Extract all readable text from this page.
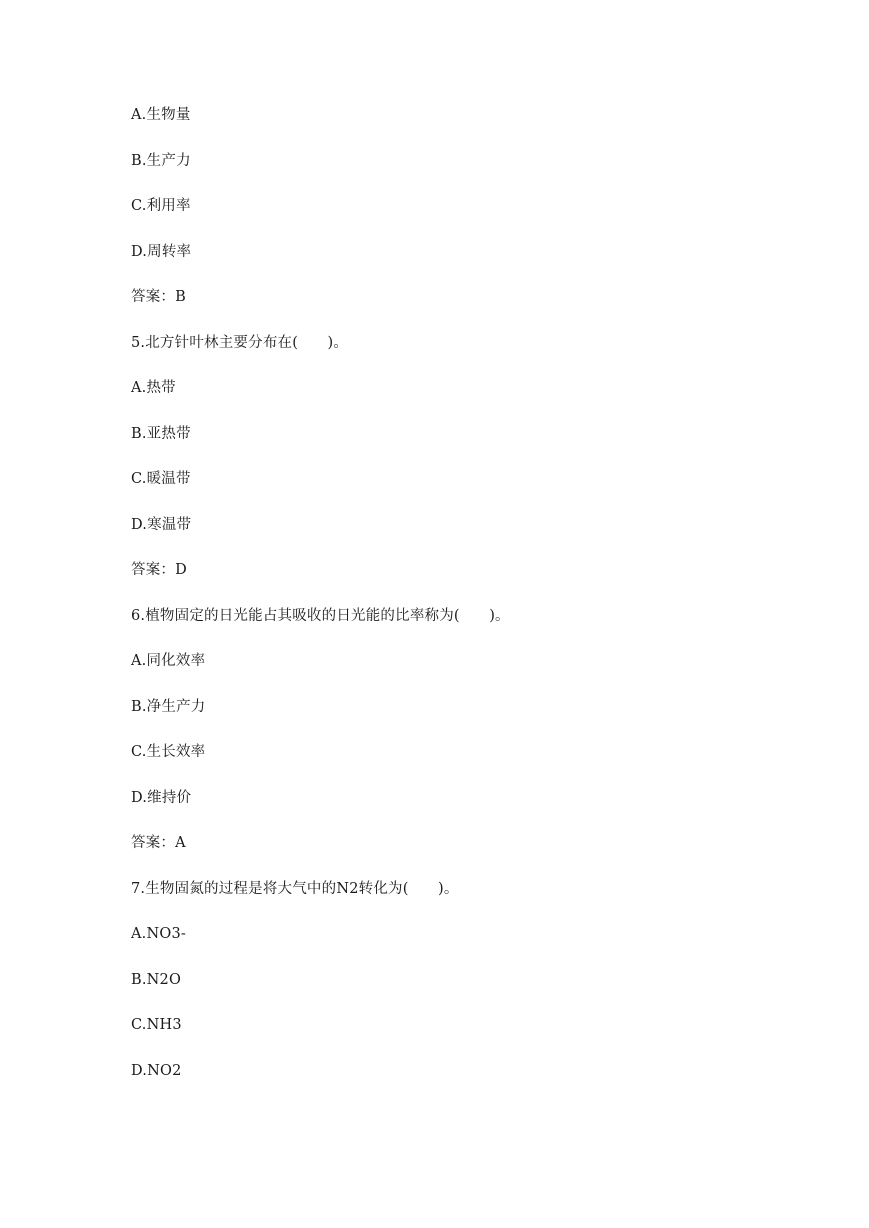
A.生物量
B.生产力
C.利用率
D.周转率
答案：B
5.北方针叶林主要分布在(　　)。
A.热带
B.亚热带
C.暖温带
D.寒温带
答案：D
6.植物固定的日光能占其吸收的日光能的比率称为(　　)。
A.同化效率
B.净生产力
C.生长效率
D.维持价
答案：A
7.生物固氮的过程是将大气中的N2转化为(　　)。
A.NO3-
B.N2O
C.NH3
D.NO2
